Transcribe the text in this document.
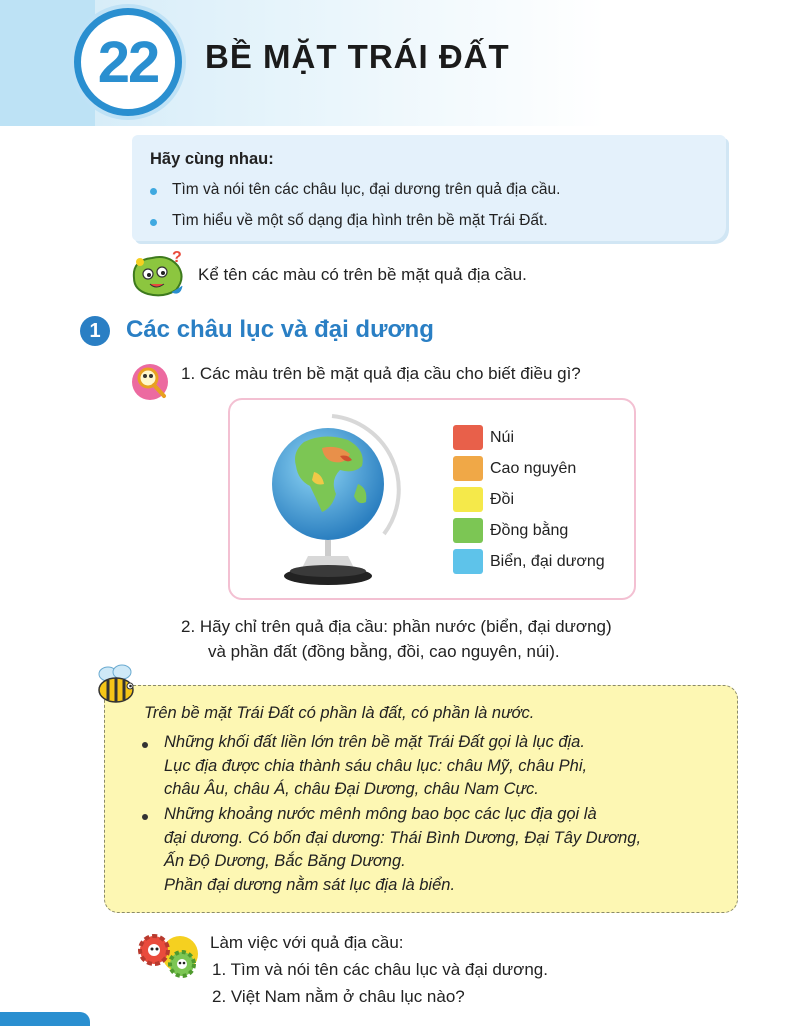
22 BỀ MẶT TRÁI ĐẤT
Hãy cùng nhau:
Tìm và nói tên các châu lục, đại dương trên quả địa cầu.
Tìm hiểu về một số dạng địa hình trên bề mặt Trái Đất.
?
Kể tên các màu có trên bề mặt quả địa cầu.
1	Các châu lục và đại dương
1. Các màu trên bề mặt quả địa cầu cho biết điều gì?
Núi
Cao nguyên
Đồi
Đồng bằng
Biển, đại dương
2. Hãy chỉ trên quả địa cầu: phần nước (biển, đại dương)
và phần đất (đồng bằng, đồi, cao nguyên, núi).
Trên bề mặt Trái Đất có phần là đất, có phần là nước.
Những khối đất liền lớn trên bề mặt Trái Đất gọi là lục địa.
Lục địa được chia thành sáu châu lục: châu Mỹ, châu Phi,
châu Âu, châu Á, châu Đại Dương, châu Nam Cực.
Những khoảng nước mênh mông bao bọc các lục địa gọi là
đại dương. Có bốn đại dương: Thái Bình Dương, Đại Tây Dương,
Ấn Độ Dương, Bắc Băng Dương.
Phần đại dương nằm sát lục địa là biển.
Làm việc với quả địa cầu:
1. Tìm và nói tên các châu lục và đại dương.
2. Việt Nam nằm ở châu lục nào?
